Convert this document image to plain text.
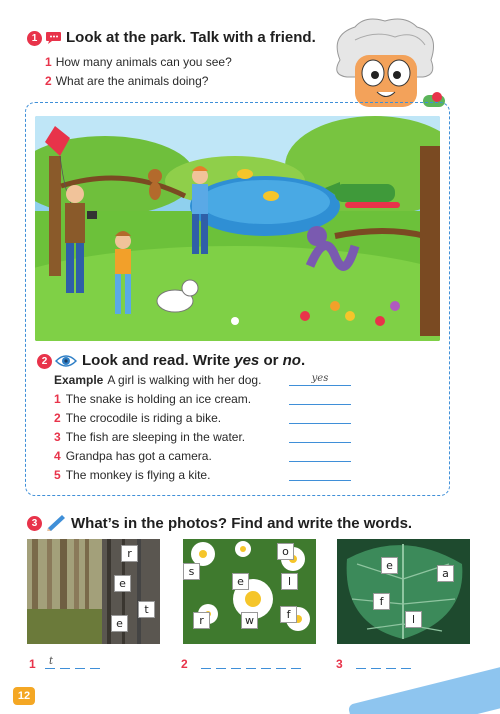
1	Look at the park. Talk with a friend.
1 How many animals can you see?
2 What are the animals doing?
2	Look and read. Write yes or no.
Example A girl is walking with her dog.	yes
1 The snake is holding an ice cream.
2 The crocodile is riding a bike.
3 The fish are sleeping in the water.
4 Grandpa has got a camera.
5 The monkey is flying a kite.
3	What’s in the photos? Find and write the words.
r
e
t
e
o
s
e	l
r	w	f
e
a
f
l
1 t	2	3
12
